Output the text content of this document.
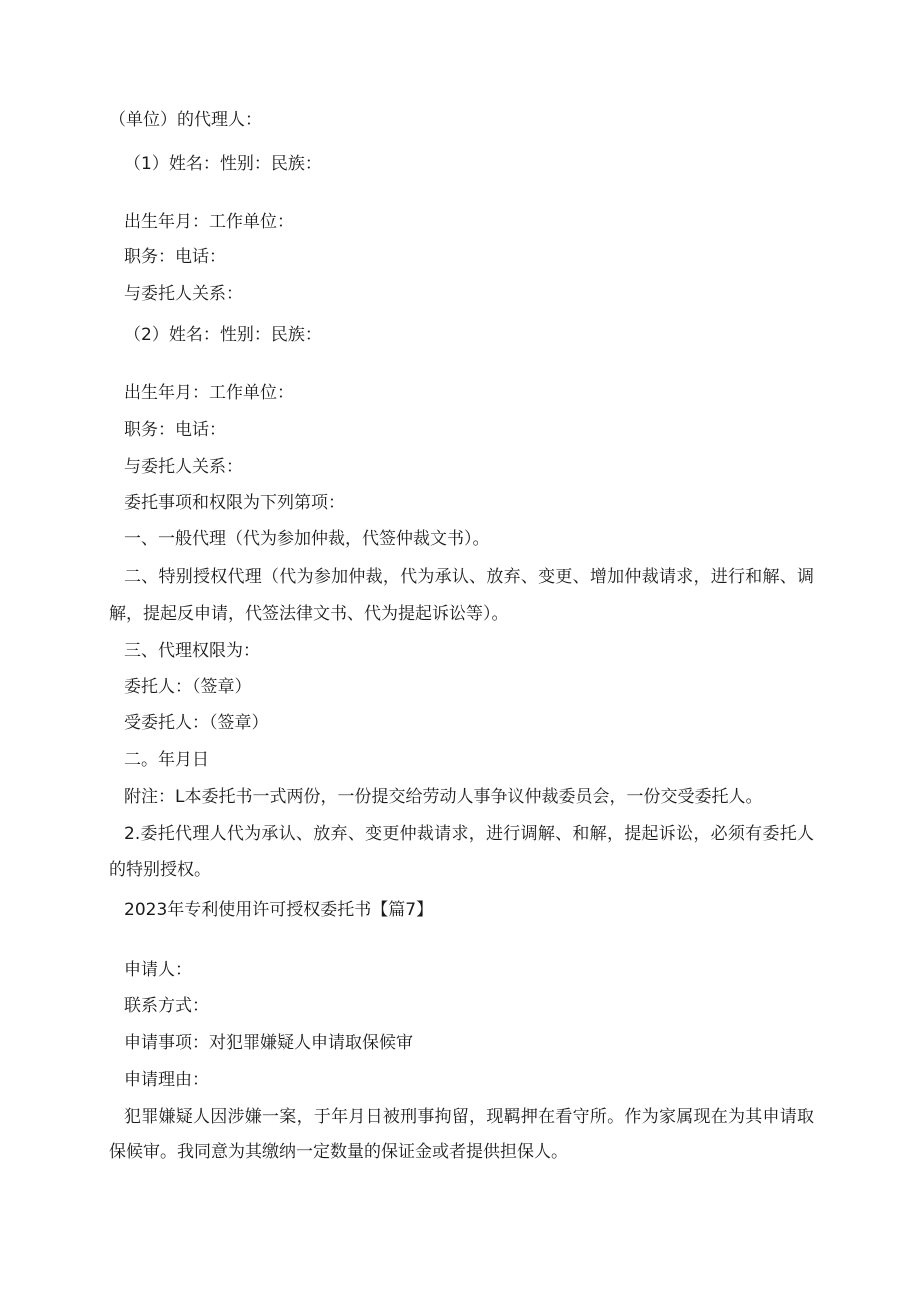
（单位）的代理人：

（1）姓名：性别：民族：

出生年月：工作单位：

职务：电话：

与委托人关系：

（2）姓名：性别：民族：

出生年月：工作单位：

职务：电话：

与委托人关系：

委托事项和权限为下列第项：

一、一般代理（代为参加仲裁，代签仲裁文书）。

二、特别授权代理（代为参加仲裁，代为承认、放弃、变更、增加仲裁请求，进行和解、调

解，提起反申请，代签法律文书、代为提起诉讼等）。

三、代理权限为：

委托人：（签章）

受委托人：（签章）

二。年月日

附注：L本委托书一式两份，一份提交给劳动人事争议仲裁委员会，一份交受委托人。

2.委托代理人代为承认、放弃、变更仲裁请求，进行调解、和解，提起诉讼，必须有委托人

的特别授权。

2023年专利使用许可授权委托书【篇7】

申请人：

联系方式：

申请事项：对犯罪嫌疑人申请取保候审

申请理由：

犯罪嫌疑人因涉嫌一案，于年月日被刑事拘留，现羁押在看守所。作为家属现在为其申请取

保候审。我同意为其缴纳一定数量的保证金或者提供担保人。
